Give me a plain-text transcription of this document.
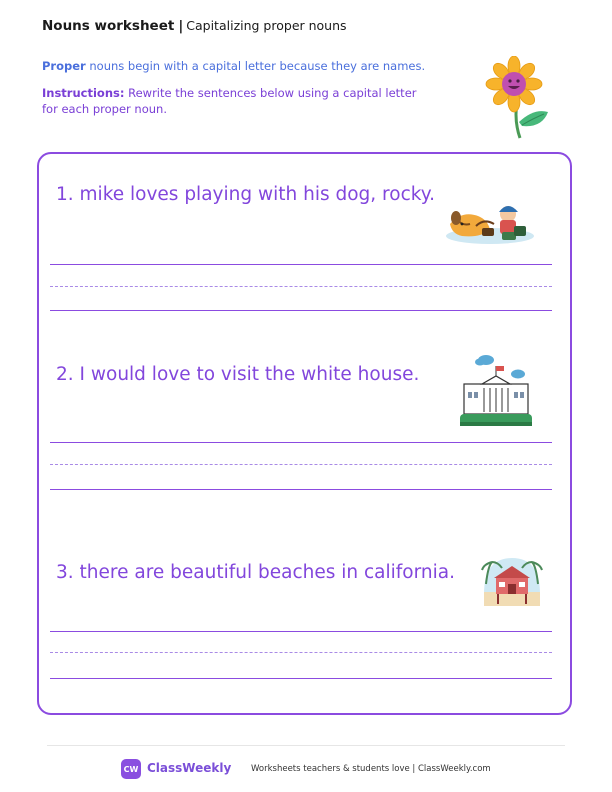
Nouns worksheet | Capitalizing proper nouns
Proper nouns begin with a capital letter because they are names.
Instructions: Rewrite the sentences below using a capital letter for each proper noun.
1. mike loves playing with his dog, rocky.
2. I would love to visit the white house.
3. there are beautiful beaches in california.
CW ClassWeekly Worksheets teachers & students love | ClassWeekly.com
